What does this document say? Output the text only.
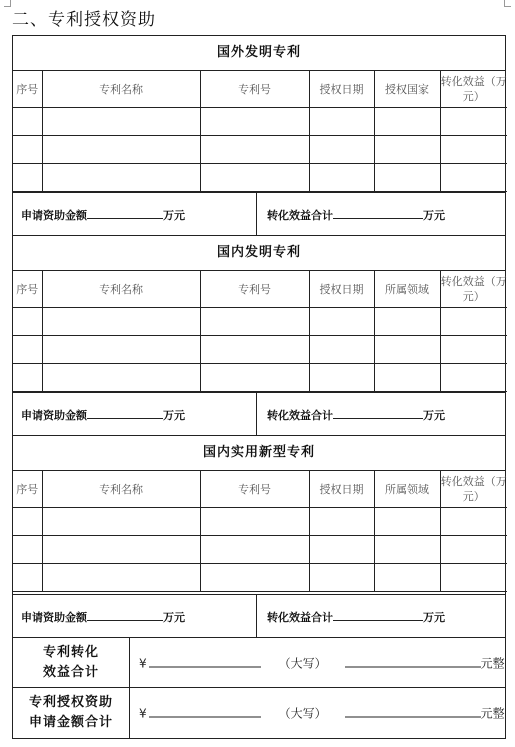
二、专利授权资助
国外发明专利
序号	专利名称	专利号	授权日期	授权国家	转化效益（万元）

申请资助金额	万元	转化效益合计	万元
国内发明专利
序号	专利名称	专利号	授权日期	所属领域	转化效益（万元）

申请资助金额	万元	转化效益合计	万元
国内实用新型专利
序号	专利名称	专利号	授权日期	所属领域	转化效益（万元）

申请资助金额	万元	转化效益合计	万元
专利转化
效益合计
¥	（大写）	元整
专利授权资助
申请金额合计
¥	（大写）	元整
